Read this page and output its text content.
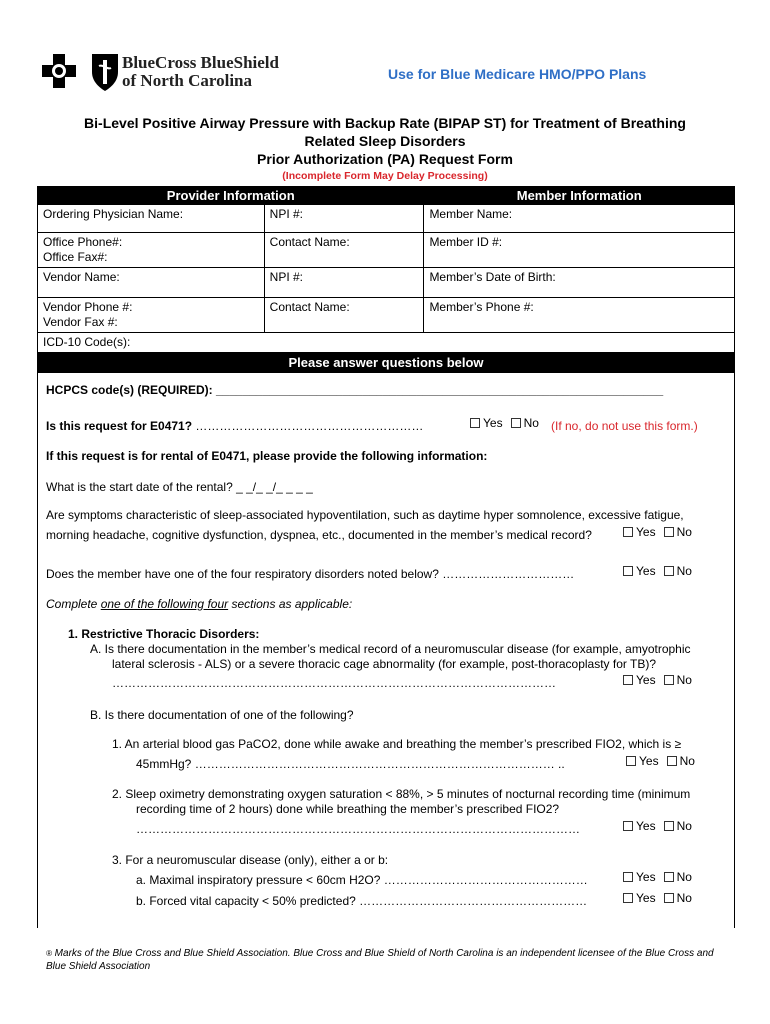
BlueCross BlueShield
of North Carolina	Use for Blue Medicare HMO/PPO Plans
Bi-Level Positive Airway Pressure with Backup Rate (BIPAP ST) for Treatment of Breathing
Related Sleep Disorders
Prior Authorization (PA) Request Form
(Incomplete Form May Delay Processing)
Provider Information		Member Information
Ordering Physician Name:	NPI #:	Member Name:

Office Phone#:
Office Fax#:	Contact Name:	Member ID #:
Vendor Name:	NPI #:	Member’s Date of Birth:

Vendor Phone #:
Vendor Fax #:	Contact Name:	Member’s Phone #:
ICD-10 Code(s):		
Please answer questions below
HCPCS code(s) (REQUIRED): ___________________________________________________________________
Is this request for E0471? …………………………………………………	Yes No (If no, do not use this form.)
If this request is for rental of E0471, please provide the following information:
What is the start date of the rental? _ _/_ _/_ _ _ _
Are symptoms characteristic of sleep-associated hypoventilation, such as daytime hyper somnolence, excessive fatigue,
morning headache, cognitive dysfunction, dyspnea, etc., documented in the member’s medical record?	Yes No
Does the member have one of the four respiratory disorders noted below? ……………………………	Yes No
Complete one of the following four sections as applicable:
1. Restrictive Thoracic Disorders:
A. Is there documentation in the member’s medical record of a neuromuscular disease (for example, amyotrophic
lateral sclerosis - ALS) or a severe thoracic cage abnormality (for example, post-thoracoplasty for TB)?
…………………………………………………………………………………………………	Yes No
B. Is there documentation of one of the following?
1. An arterial blood gas PaCO2, done while awake and breathing the member’s prescribed FIO2, which is ≥
45mmHg? ……………………………………………………………………………… ..	Yes No
2. Sleep oximetry demonstrating oxygen saturation < 88%, > 5 minutes of nocturnal recording time (minimum
recording time of 2 hours) done while breathing the member’s prescribed FIO2?
…………………………………………………………………………………………………	Yes No
3. For a neuromuscular disease (only), either a or b:
a. Maximal inspiratory pressure < 60cm H2O? ……………………………………………	Yes No
b. Forced vital capacity < 50% predicted? …………………………………………………	Yes No
® Marks of the Blue Cross and Blue Shield Association. Blue Cross and Blue Shield of North Carolina is an independent licensee of the Blue Cross and Blue Shield Association
